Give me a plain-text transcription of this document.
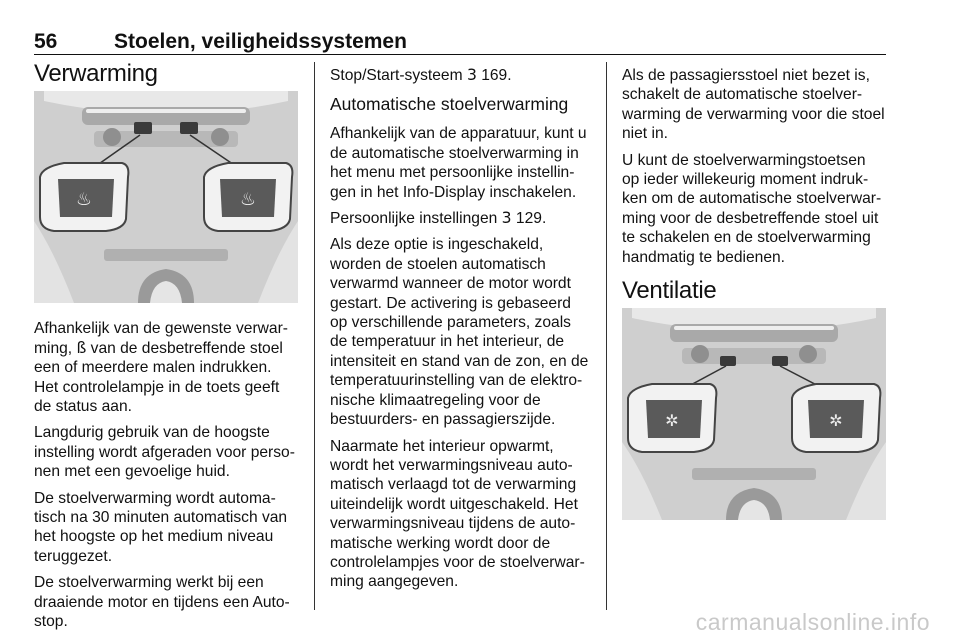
56	Stoelen, veiligheidssystemen
Verwarming
♨	♨

Afhankelijk van de gewenste verwar-ming, ß van de desbetreffende stoel een of meerdere malen indrukken. Het controlelampje in de toets geeft de status aan.

Langdurig gebruik van de hoogste instelling wordt afgeraden voor perso-nen met een gevoelige huid.

De stoelverwarming wordt automa-tisch na 30 minuten automatisch van het hoogste op het medium niveau teruggezet.

De stoelverwarming werkt bij een draaiende motor en tijdens een Auto-stop.

Stop/Start-systeem 3 169.

Automatische stoelverwarming

Afhankelijk van de apparatuur, kunt u de automatische stoelverwarming in het menu met persoonlijke instellin-gen in het Info-Display inschakelen.

Persoonlijke instellingen 3 129.

Als deze optie is ingeschakeld, worden de stoelen automatisch verwarmd wanneer de motor wordt gestart. De activering is gebaseerd op verschillende parameters, zoals de temperatuur in het interieur, de intensiteit en stand van de zon, en de temperatuurinstelling van de elektro-nische klimaatregeling voor de bestuurders- en passagierszijde.

Naarmate het interieur opwarmt, wordt het verwarmingsniveau auto-matisch verlaagd tot de verwarming uiteindelijk wordt uitgeschakeld. Het verwarmingsniveau tijdens de auto-matische werking wordt door de controlelampjes voor de stoelverwar-ming aangegeven.

Als de passagiersstoel niet bezet is, schakelt de automatische stoelver-warming de verwarming voor die stoel niet in.

U kunt de stoelverwarmingstoetsen op ieder willekeurig moment indruk-ken om de automatische stoelverwar-ming voor de desbetreffende stoel uit te schakelen en de stoelverwarming handmatig te bedienen.

Ventilatie
✲	✲
carmanualsonline.info
